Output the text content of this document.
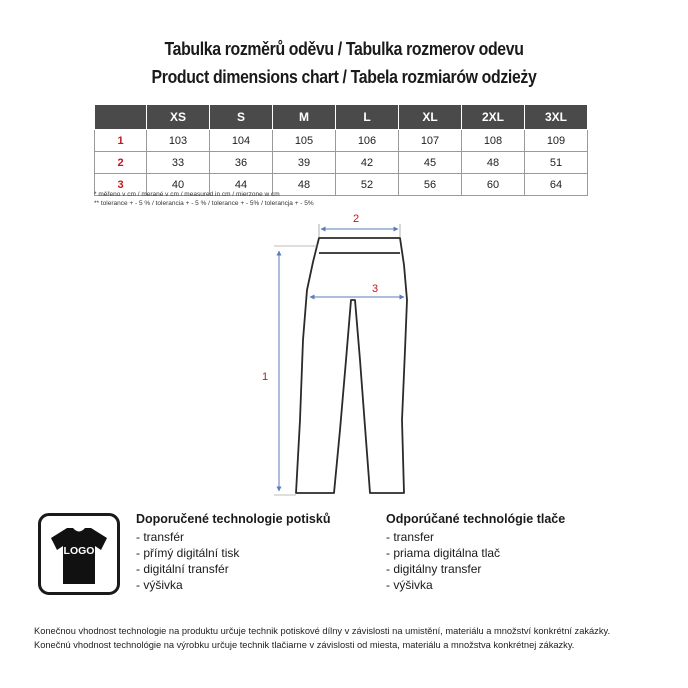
Tabulka rozměrů oděvu / Tabulka rozmerov odevu
Product dimensions chart / Tabela rozmiarów odzieży
	XS	S	M	L	XL	2XL	3XL
1	103	104	105	106	107	108	109
2	33	36	39	42	45	48	51
3	40	44	48	52	56	60	64
* měřeno v cm / merané v cm / measured in cm / mierzone w cm
** tolerance + - 5 % / tolerancia + - 5 % / tolerance + - 5% / tolerancja + - 5%
1
2
3
LOGO
Doporučené technologie potisků
- transfér
- přímý digitální tisk
- digitální transfér
- výšivka
Odporúčané technológie tlače
- transfer
- priama digitálna tlač
- digitálny transfer
- výšivka
Konečnou vhodnost technologie na produktu určuje technik potiskové dílny v závislosti na umistění, materiálu a množství konkrétní zakázky.
Konečnú vhodnost technológie na výrobku určuje technik tlačiarne v závislosti od miesta, materiálu a množstva konkrétnej zákazky.
